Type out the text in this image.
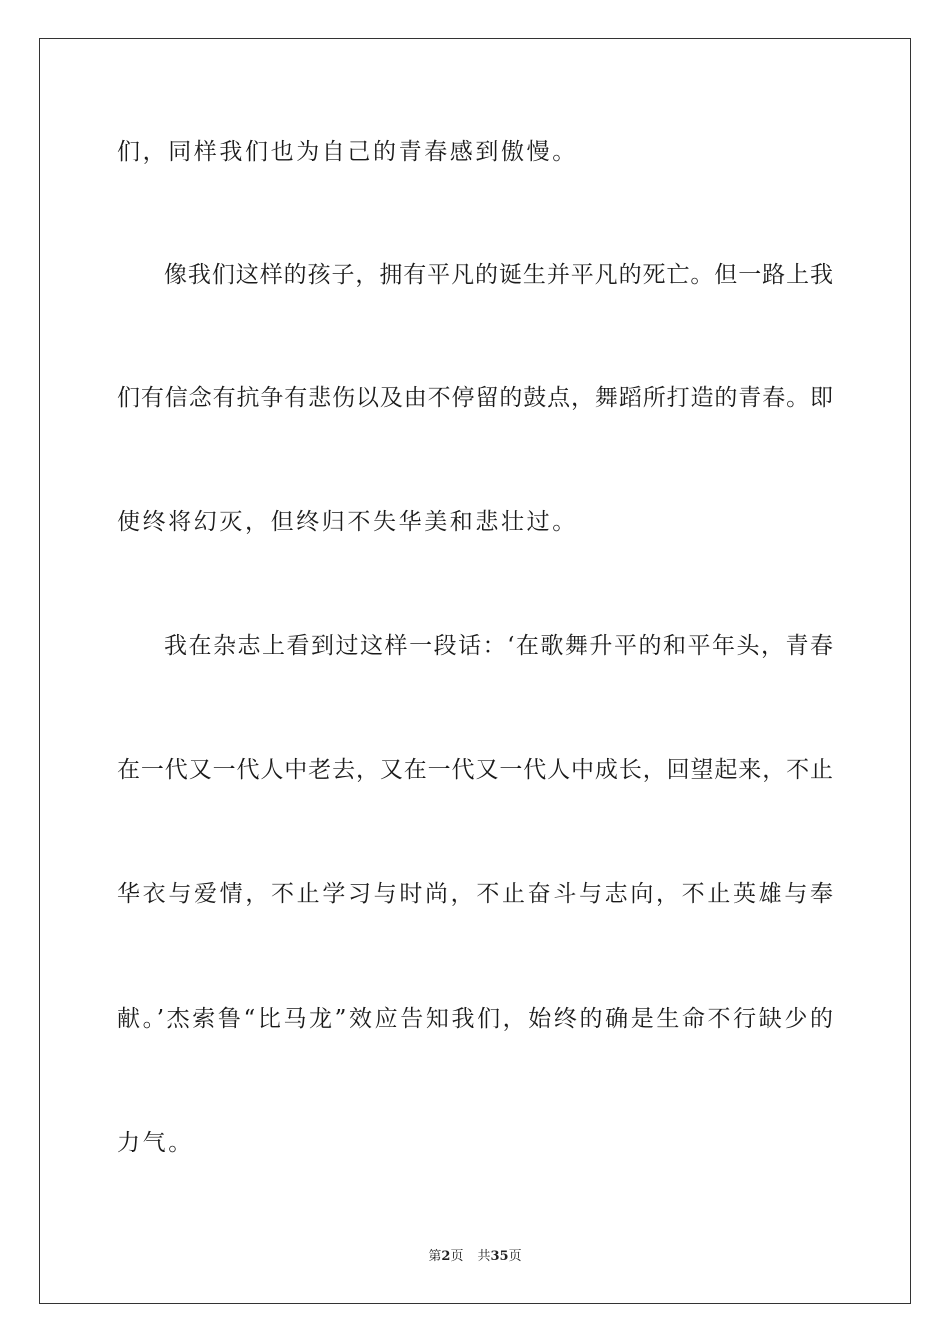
们，同样我们也为自己的青春感到傲慢。
像我们这样的孩子，拥有平凡的诞生并平凡的死亡。但一路上我
们有信念有抗争有悲伤以及由不停留的鼓点，舞蹈所打造的青春。即
使终将幻灭，但终归不失华美和悲壮过。
我在杂志上看到过这样一段话：‘在歌舞升平的和平年头，青春
在一代又一代人中老去，又在一代又一代人中成长，回望起来，不止
华衣与爱情，不止学习与时尚，不止奋斗与志向，不止英雄与奉
献。’杰索鲁“比马龙”效应告知我们，始终的确是生命不行缺少的
力气。
第2页 共35页
